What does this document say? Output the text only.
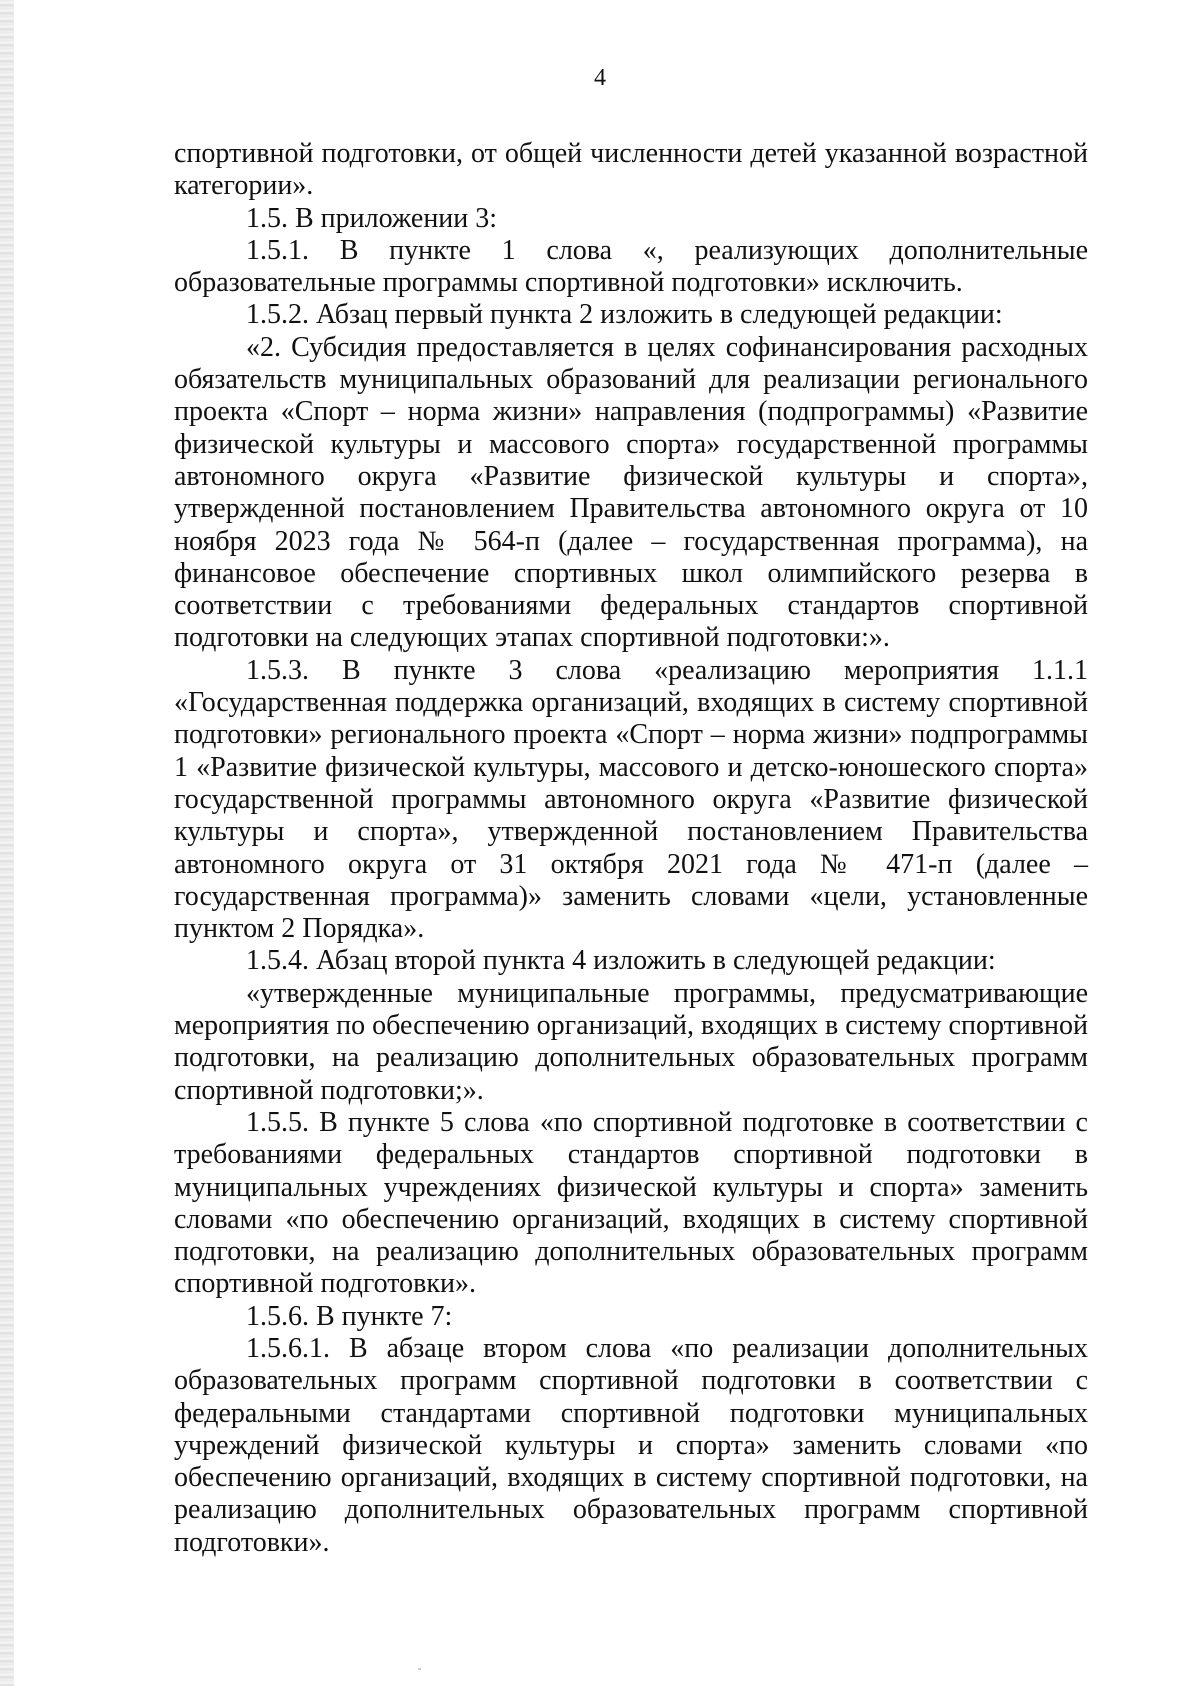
4

спортивной подготовки, от общей численности детей указанной возрастной категории».

1.5. В приложении 3:

1.5.1. В пункте 1 слова «, реализующих дополнительные образовательные программы спортивной подготовки» исключить.

1.5.2. Абзац первый пункта 2 изложить в следующей редакции:

«2. Субсидия предоставляется в целях софинансирования расходных обязательств муниципальных образований для реализации регионального проекта «Спорт – норма жизни» направления (подпрограммы) «Развитие физической культуры и массового спорта» государственной программы автономного округа «Развитие физической культуры и спорта», утвержденной постановлением Правительства автономного округа от 10 ноября 2023 года № 564-п (далее – государственная программа), на финансовое обеспечение спортивных школ олимпийского резерва в соответствии с требованиями федеральных стандартов спортивной подготовки на следующих этапах спортивной подготовки:».

1.5.3. В пункте 3 слова «реализацию мероприятия 1.1.1 «Государственная поддержка организаций, входящих в систему спортивной подготовки» регионального проекта «Спорт – норма жизни» подпрограммы 1 «Развитие физической культуры, массового и детско-юношеского спорта» государственной программы автономного округа «Развитие физической культуры и спорта», утвержденной постановлением Правительства автономного округа от 31 октября 2021 года № 471-п (далее – государственная программа)» заменить словами «цели, установленные пунктом 2 Порядка».

1.5.4. Абзац второй пункта 4 изложить в следующей редакции:

«утвержденные муниципальные программы, предусматривающие мероприятия по обеспечению организаций, входящих в систему спортивной подготовки, на реализацию дополнительных образовательных программ спортивной подготовки;».

1.5.5. В пункте 5 слова «по спортивной подготовке в соответствии с требованиями федеральных стандартов спортивной подготовки в муниципальных учреждениях физической культуры и спорта» заменить словами «по обеспечению организаций, входящих в систему спортивной подготовки, на реализацию дополнительных образовательных программ спортивной подготовки».

1.5.6. В пункте 7:

1.5.6.1. В абзаце втором слова «по реализации дополнительных образовательных программ спортивной подготовки в соответствии с федеральными стандартами спортивной подготовки муниципальных учреждений физической культуры и спорта» заменить словами «по обеспечению организаций, входящих в систему спортивной подготовки, на реализацию дополнительных образовательных программ спортивной подготовки».
